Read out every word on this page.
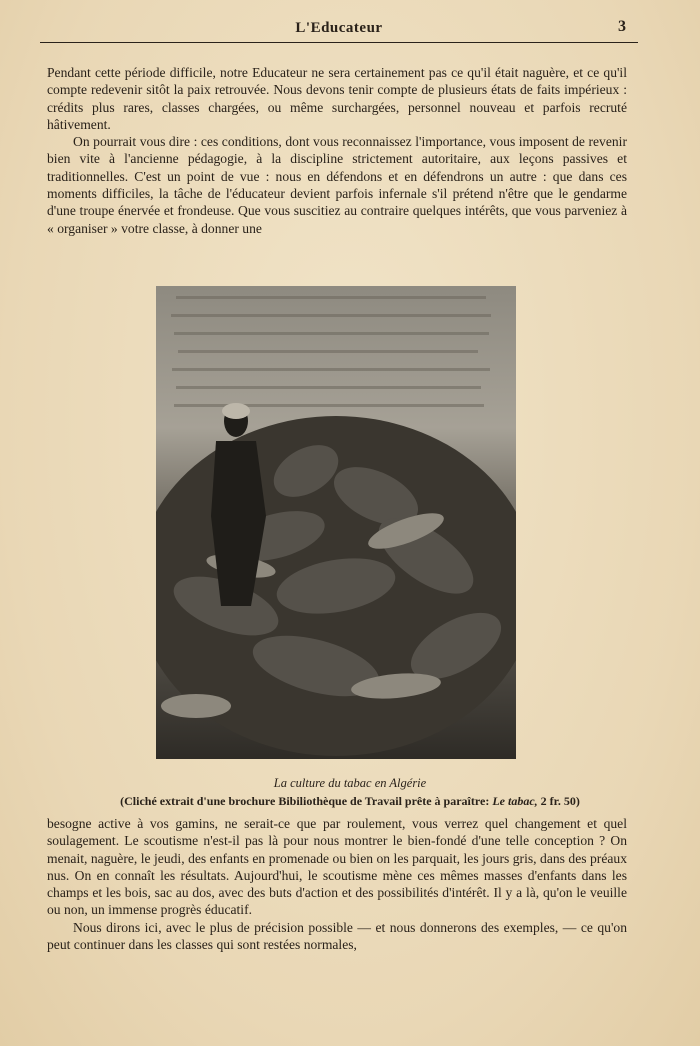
L'Educateur	3

Pendant cette période difficile, notre Educateur ne sera certainement pas ce qu'il était naguère, et ce qu'il compte redevenir sitôt la paix retrouvée. Nous devons tenir compte de plusieurs états de faits impérieux : crédits plus rares, classes chargées, ou même surchargées, personnel nouveau et parfois recruté hâtivement.

On pourrait vous dire : ces conditions, dont vous reconnaissez l'importance, vous imposent de revenir bien vite à l'ancienne pédagogie, à la discipline strictement autoritaire, aux leçons passives et traditionnelles. C'est un point de vue : nous en défendons et en défendrons un autre : que dans ces moments difficiles, la tâche de l'éducateur devient parfois infernale s'il prétend n'être que le gendarme d'une troupe énervée et frondeuse. Que vous suscitiez au contraire quelques intérêts, que vous parveniez à « organiser » votre classe, à donner une

La culture du tabac en Algérie
(Cliché extrait d'une brochure Bibiliothèque de Travail prête à paraître: Le tabac, 2 fr. 50)

besogne active à vos gamins, ne serait-ce que par roulement, vous verrez quel changement et quel soulagement. Le scoutisme n'est-il pas là pour nous montrer le bien-fondé d'une telle conception ? On menait, naguère, le jeudi, des enfants en promenade ou bien on les parquait, les jours gris, dans des préaux nus. On en connaît les résultats. Aujourd'hui, le scoutisme mène ces mêmes masses d'enfants dans les champs et les bois, sac au dos, avec des buts d'action et des possibilités d'intérêt. Il y a là, qu'on le veuille ou non, un immense progrès éducatif.

Nous dirons ici, avec le plus de précision possible — et nous donnerons des exemples, — ce qu'on peut continuer dans les classes qui sont restées normales,
